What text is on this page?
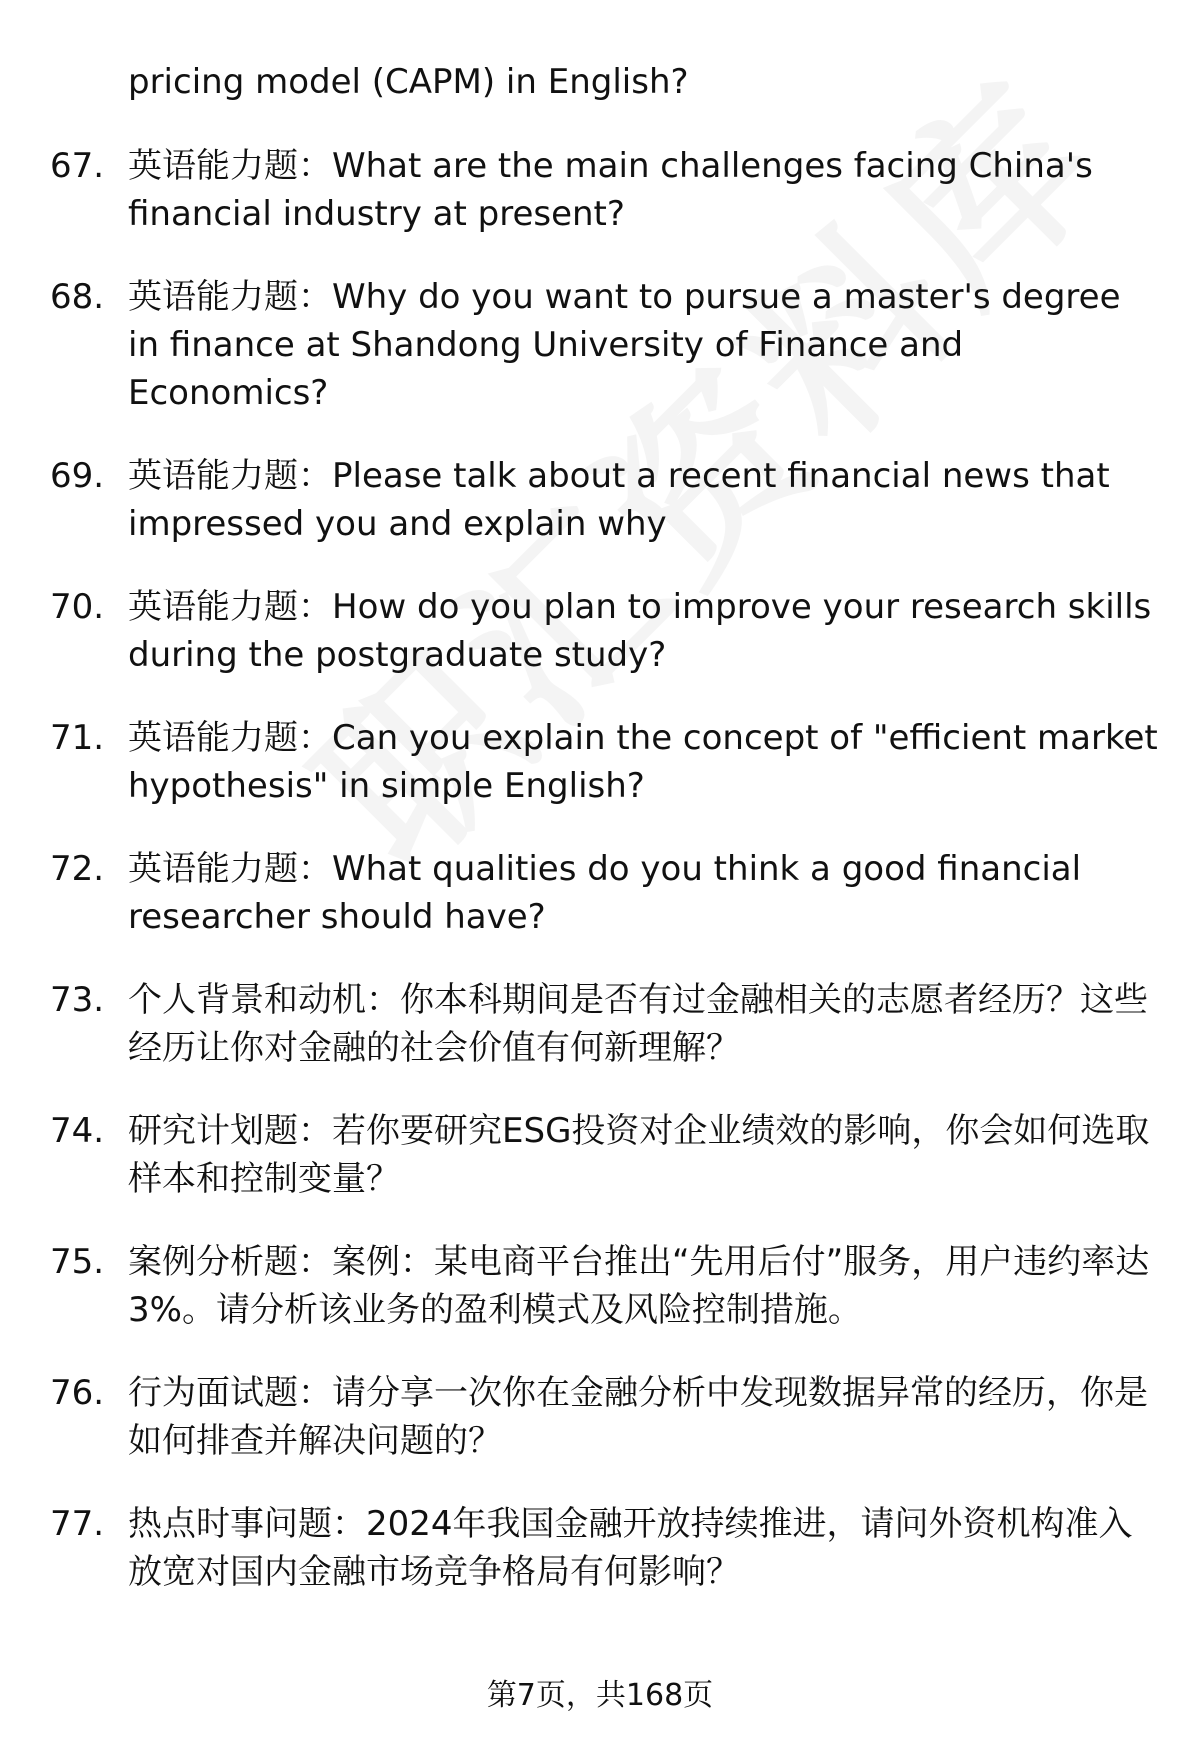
pricing model (CAPM) in English?
67. 英语能力题：What are the main challenges facing China's financial industry at present?
68. 英语能力题：Why do you want to pursue a master's degree in finance at Shandong University of Finance and Economics?
69. 英语能力题：Please talk about a recent financial news that impressed you and explain why
70. 英语能力题：How do you plan to improve your research skills during the postgraduate study?
71. 英语能力题：Can you explain the concept of "efficient market hypothesis" in simple English?
72. 英语能力题：What qualities do you think a good financial researcher should have?
73. 个人背景和动机：你本科期间是否有过金融相关的志愿者经历？这些经历让你对金融的社会价值有何新理解？
74. 研究计划题：若你要研究ESG投资对企业绩效的影响，你会如何选取样本和控制变量？
75. 案例分析题：案例：某电商平台推出“先用后付”服务，用户违约率达3%。请分析该业务的盈利模式及风险控制措施。
76. 行为面试题：请分享一次你在金融分析中发现数据异常的经历，你是如何排查并解决问题的？
77. 热点时事问题：2024年我国金融开放持续推进，请问外资机构准入放宽对国内金融市场竞争格局有何影响？
第7页，共168页
